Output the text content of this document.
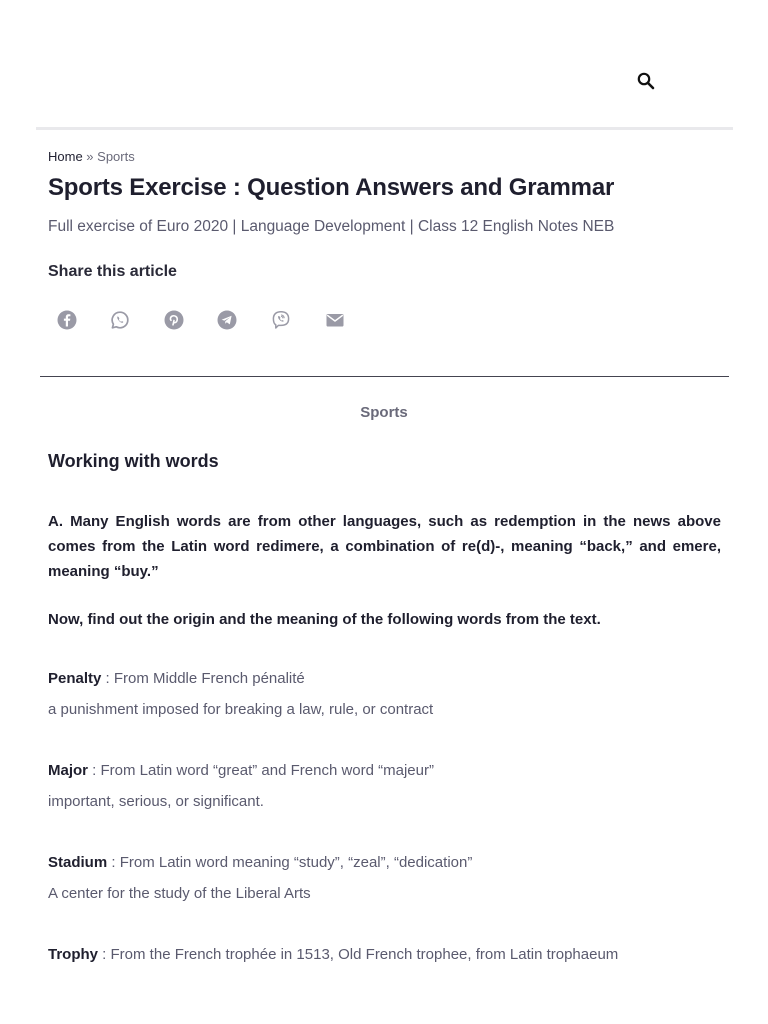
Home » Sports
Sports Exercise : Question Answers and Grammar
Full exercise of Euro 2020 | Language Development | Class 12 English Notes NEB
Share this article
Sports
Working with words

A. Many English words are from other languages, such as redemption in the news above comes from the Latin word redimere, a combination of re(d)-, meaning “back,” and emere, meaning “buy.”

Now, find out the origin and the meaning of the following words from the text.

Penalty : From Middle French pénalité
a punishment imposed for breaking a law, rule, or contract
Major : From Latin word “great” and French word “majeur”
important, serious, or significant.
Stadium : From Latin word meaning “study”, “zeal”, “dedication”
A center for the study of the Liberal Arts
Trophy : From the French trophée in 1513, Old French trophee, from Latin trophaeum
